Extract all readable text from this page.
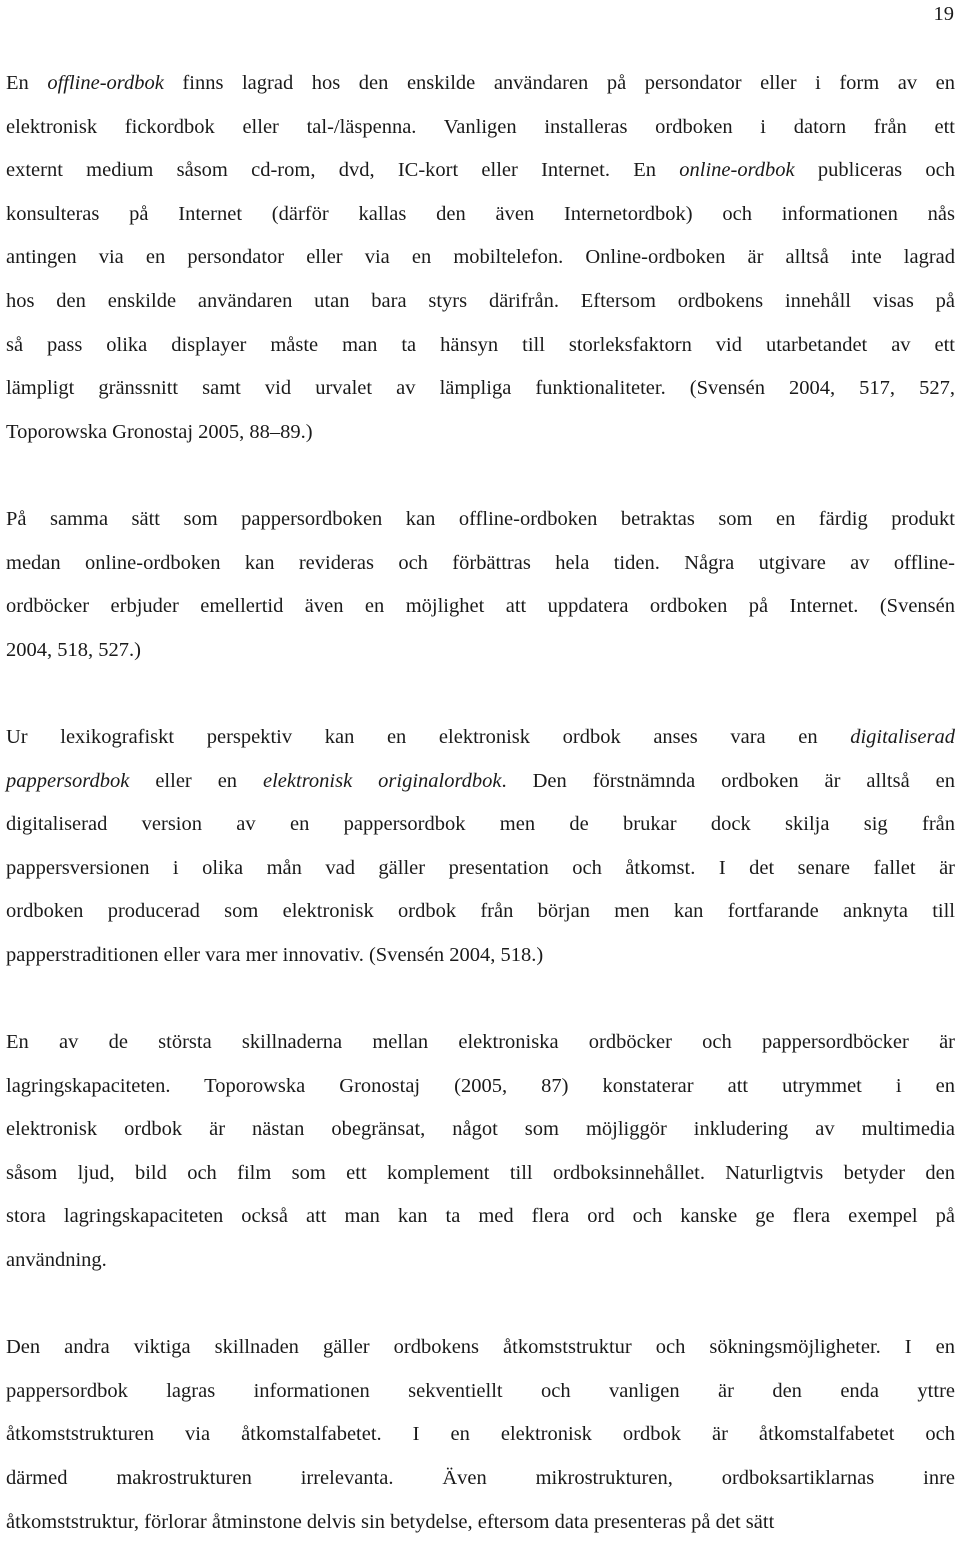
19

En offline-ordbok finns lagrad hos den enskilde användaren på persondator eller i form av en
elektronisk fickordbok eller tal-/läspenna. Vanligen installeras ordboken i datorn från ett
externt medium såsom cd-rom, dvd, IC-kort eller Internet. En online-ordbok publiceras och
konsulteras på Internet (därför kallas den även Internetordbok) och informationen nås
antingen via en persondator eller via en mobiltelefon. Online-ordboken är alltså inte lagrad
hos den enskilde användaren utan bara styrs därifrån. Eftersom ordbokens innehåll visas på
så pass olika displayer måste man ta hänsyn till storleksfaktorn vid utarbetandet av ett
lämpligt gränssnitt samt vid urvalet av lämpliga funktionaliteter. (Svensén 2004, 517, 527,
Toporowska Gronostaj 2005, 88–89.)

På samma sätt som pappersordboken kan offline-ordboken betraktas som en färdig produkt
medan online-ordboken kan revideras och förbättras hela tiden. Några utgivare av offline-
ordböcker erbjuder emellertid även en möjlighet att uppdatera ordboken på Internet. (Svensén
2004, 518, 527.)

Ur lexikografiskt perspektiv kan en elektronisk ordbok anses vara en digitaliserad
pappersordbok eller en elektronisk originalordbok. Den förstnämnda ordboken är alltså en
digitaliserad version av en pappersordbok men de brukar dock skilja sig från
pappersversionen i olika mån vad gäller presentation och åtkomst. I det senare fallet är
ordboken producerad som elektronisk ordbok från början men kan fortfarande anknyta till
papperstraditionen eller vara mer innovativ. (Svensén 2004, 518.)

En av de största skillnaderna mellan elektroniska ordböcker och pappersordböcker är
lagringskapaciteten. Toporowska Gronostaj (2005, 87) konstaterar att utrymmet i en
elektronisk ordbok är nästan obegränsat, något som möjliggör inkludering av multimedia
såsom ljud, bild och film som ett komplement till ordboksinnehållet. Naturligtvis betyder den
stora lagringskapaciteten också att man kan ta med flera ord och kanske ge flera exempel på
användning.

Den andra viktiga skillnaden gäller ordbokens åtkomststruktur och sökningsmöjligheter. I en
pappersordbok lagras informationen sekventiellt och vanligen är den enda yttre
åtkomststrukturen via åtkomstalfabetet. I en elektronisk ordbok är åtkomstalfabetet och
därmed makrostrukturen irrelevanta. Även mikrostrukturen, ordboksartiklarnas inre
åtkomststruktur, förlorar åtminstone delvis sin betydelse, eftersom data presenteras på det sätt
